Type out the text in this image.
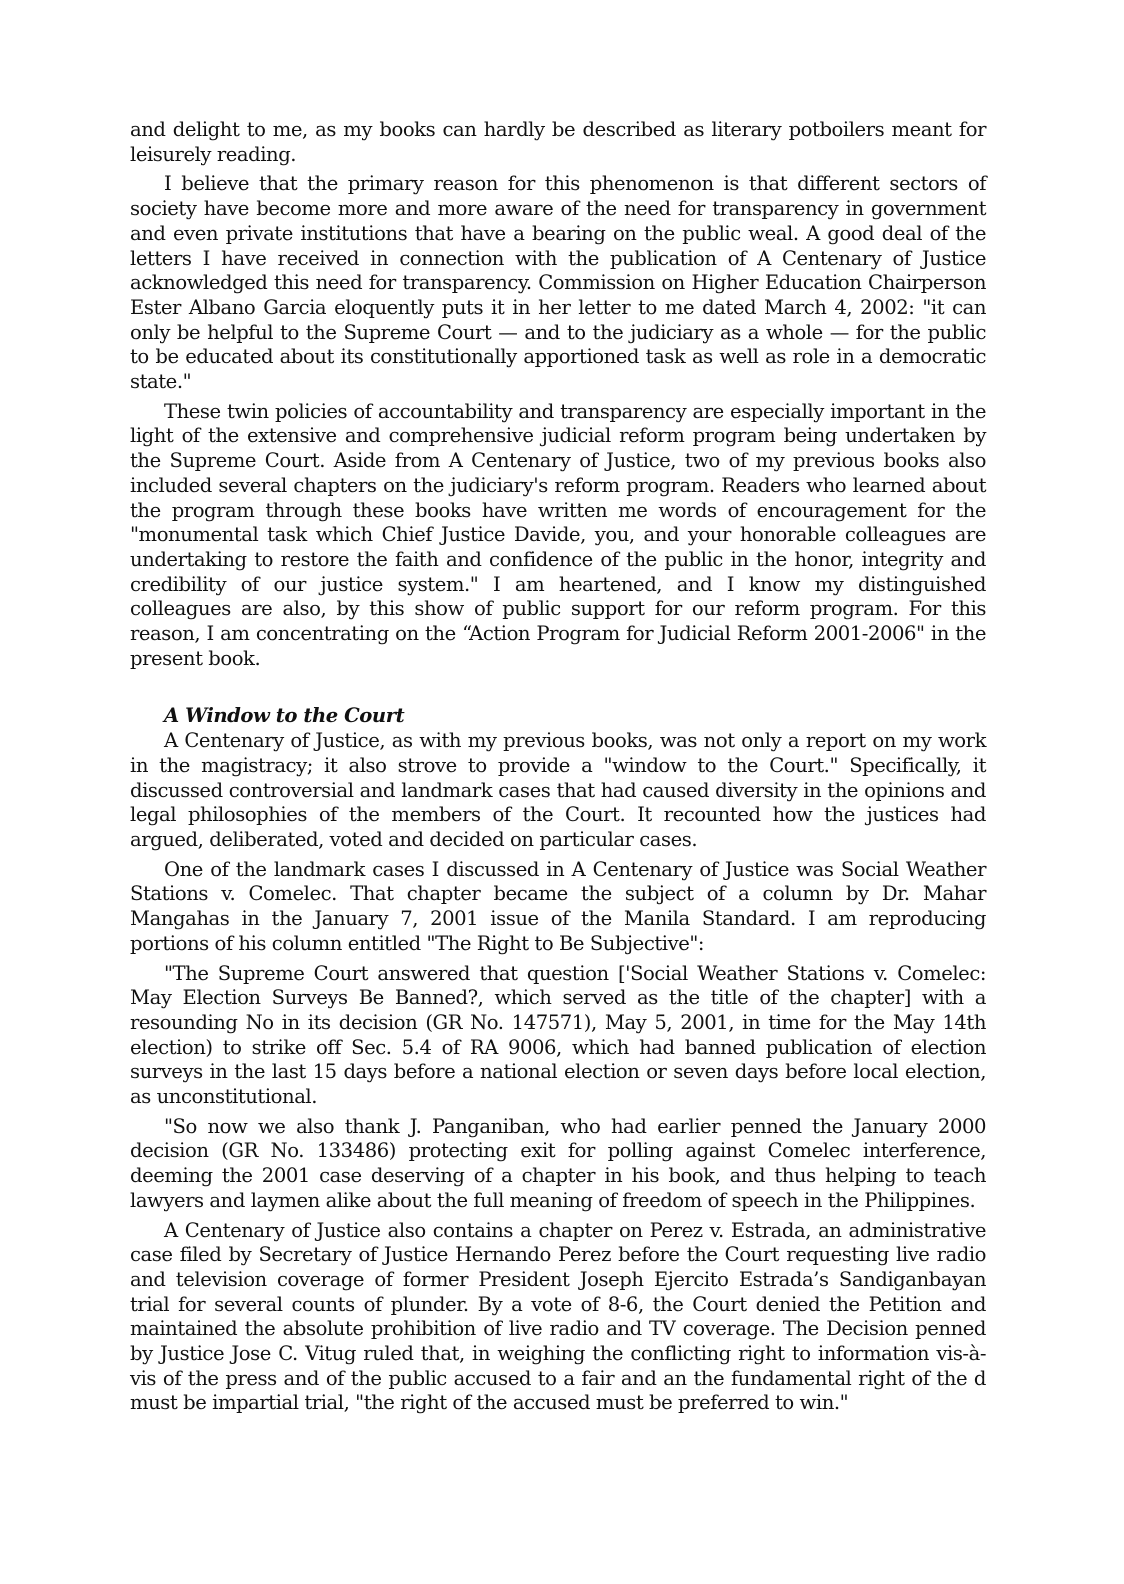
and delight to me, as my books can hardly be described as literary potboilers meant for leisurely reading.

I believe that the primary reason for this phenomenon is that different sectors of society have become more and more aware of the need for transparency in government and even private institutions that have a bearing on the public weal. A good deal of the letters I have received in connection with the publication of A Centenary of Justice acknowledged this need for transparency. Commission on Higher Education Chairperson Ester Albano Garcia eloquently puts it in her letter to me dated March 4, 2002: "it can only be helpful to the Supreme Court — and to the judiciary as a whole — for the public to be educated about its constitutionally apportioned task as well as role in a democratic state."

These twin policies of accountability and transparency are especially important in the light of the extensive and comprehensive judicial reform program being undertaken by the Supreme Court. Aside from A Centenary of Justice, two of my previous books also included several chapters on the judiciary's reform program. Readers who learned about the program through these books have written me words of encouragement for the "monumental task which Chief Justice Davide, you, and your honorable colleagues are undertaking to restore the faith and confidence of the public in the honor, integrity and credibility of our justice system." I am heartened, and I know my distinguished colleagues are also, by this show of public support for our reform program. For this reason, I am concentrating on the “Action Program for Judicial Reform 2001-2006" in the present book.

A Window to the Court

A Centenary of Justice, as with my previous books, was not only a report on my work in the magistracy; it also strove to provide a "window to the Court." Specifically, it discussed controversial and landmark cases that had caused diversity in the opinions and legal philosophies of the members of the Court. It recounted how the justices had argued, deliberated, voted and decided on particular cases.

One of the landmark cases I discussed in A Centenary of Justice was Social Weather Stations v. Comelec. That chapter became the subject of a column by Dr. Mahar Mangahas in the January 7, 2001 issue of the Manila Standard. I am reproducing portions of his column entitled "The Right to Be Subjective":

"The Supreme Court answered that question ['Social Weather Stations v. Comelec: May Election Surveys Be Banned?, which served as the title of the chapter] with a resounding No in its decision (GR No. 147571), May 5, 2001, in time for the May 14th election) to strike off Sec. 5.4 of RA 9006, which had banned publication of election surveys in the last 15 days before a national election or seven days before local election, as unconstitutional.

"So now we also thank J. Panganiban, who had earlier penned the January 2000 decision (GR No. 133486) protecting exit for polling against Comelec interference, deeming the 2001 case deserving of a chapter in his book, and thus helping to teach lawyers and laymen alike about the full meaning of freedom of speech in the Philippines.

A Centenary of Justice also contains a chapter on Perez v. Estrada, an administrative case filed by Secretary of Justice Hernando Perez before the Court requesting live radio and television coverage of former President Joseph Ejercito Estrada’s Sandiganbayan trial for several counts of plunder. By a vote of 8-6, the Court denied the Petition and maintained the absolute prohibition of live radio and TV coverage. The Decision penned by Justice Jose C. Vitug ruled that, in weighing the conflicting right to information vis-à-vis of the press and of the public accused to a fair and an the fundamental right of the d must be impartial trial, "the right of the accused must be preferred to win."
